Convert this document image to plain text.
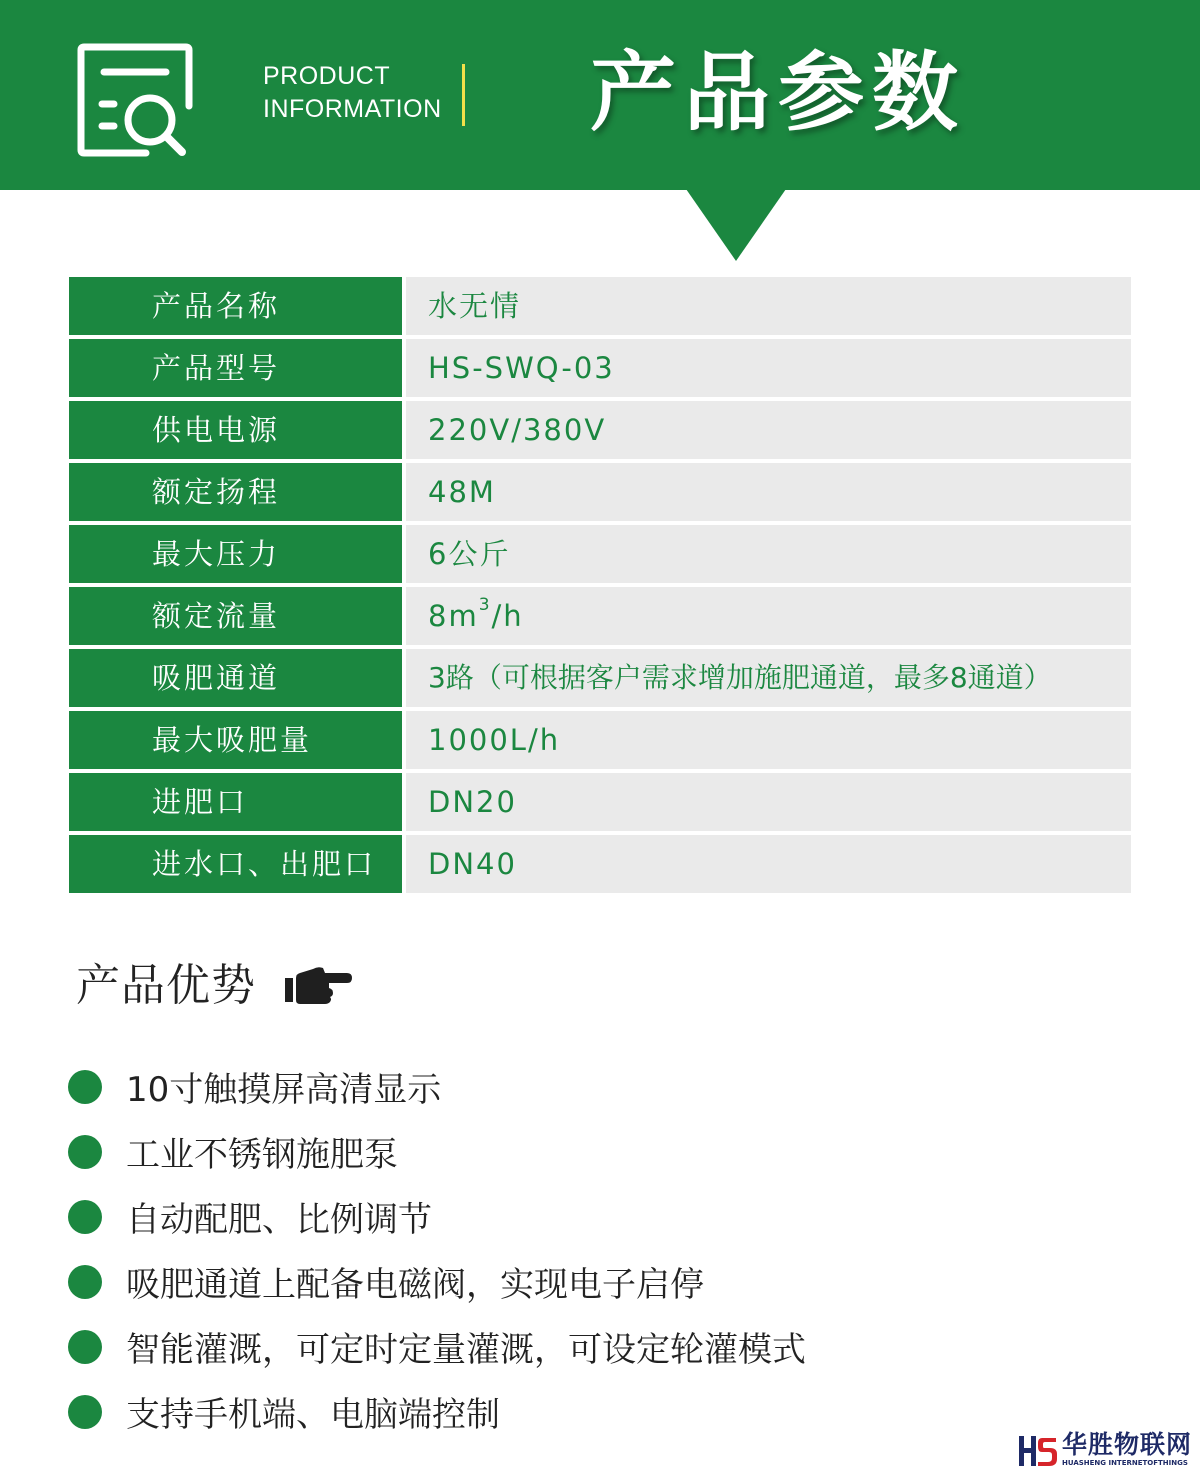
PRODUCT
INFORMATION 产品参数
产品名称	水无情
产品型号	HS-SWQ-03
供电电源	220V/380V
额定扬程	48M
最大压力	6公斤
额定流量	$8m^3/h$
吸肥通道	3路（可根据客户需求增加施肥通道，最多8通道）
最大吸肥量	1000L/h
进肥口	DN20
进水口、出肥口	DN40
产品优势
10寸触摸屏高清显示
工业不锈钢施肥泵
自动配肥、比例调节
吸肥通道上配备电磁阀，实现电子启停
智能灌溉，可定时定量灌溉，可设定轮灌模式
支持手机端、电脑端控制
华胜物联网
HUASHENG INTERNETOFTHINGS
